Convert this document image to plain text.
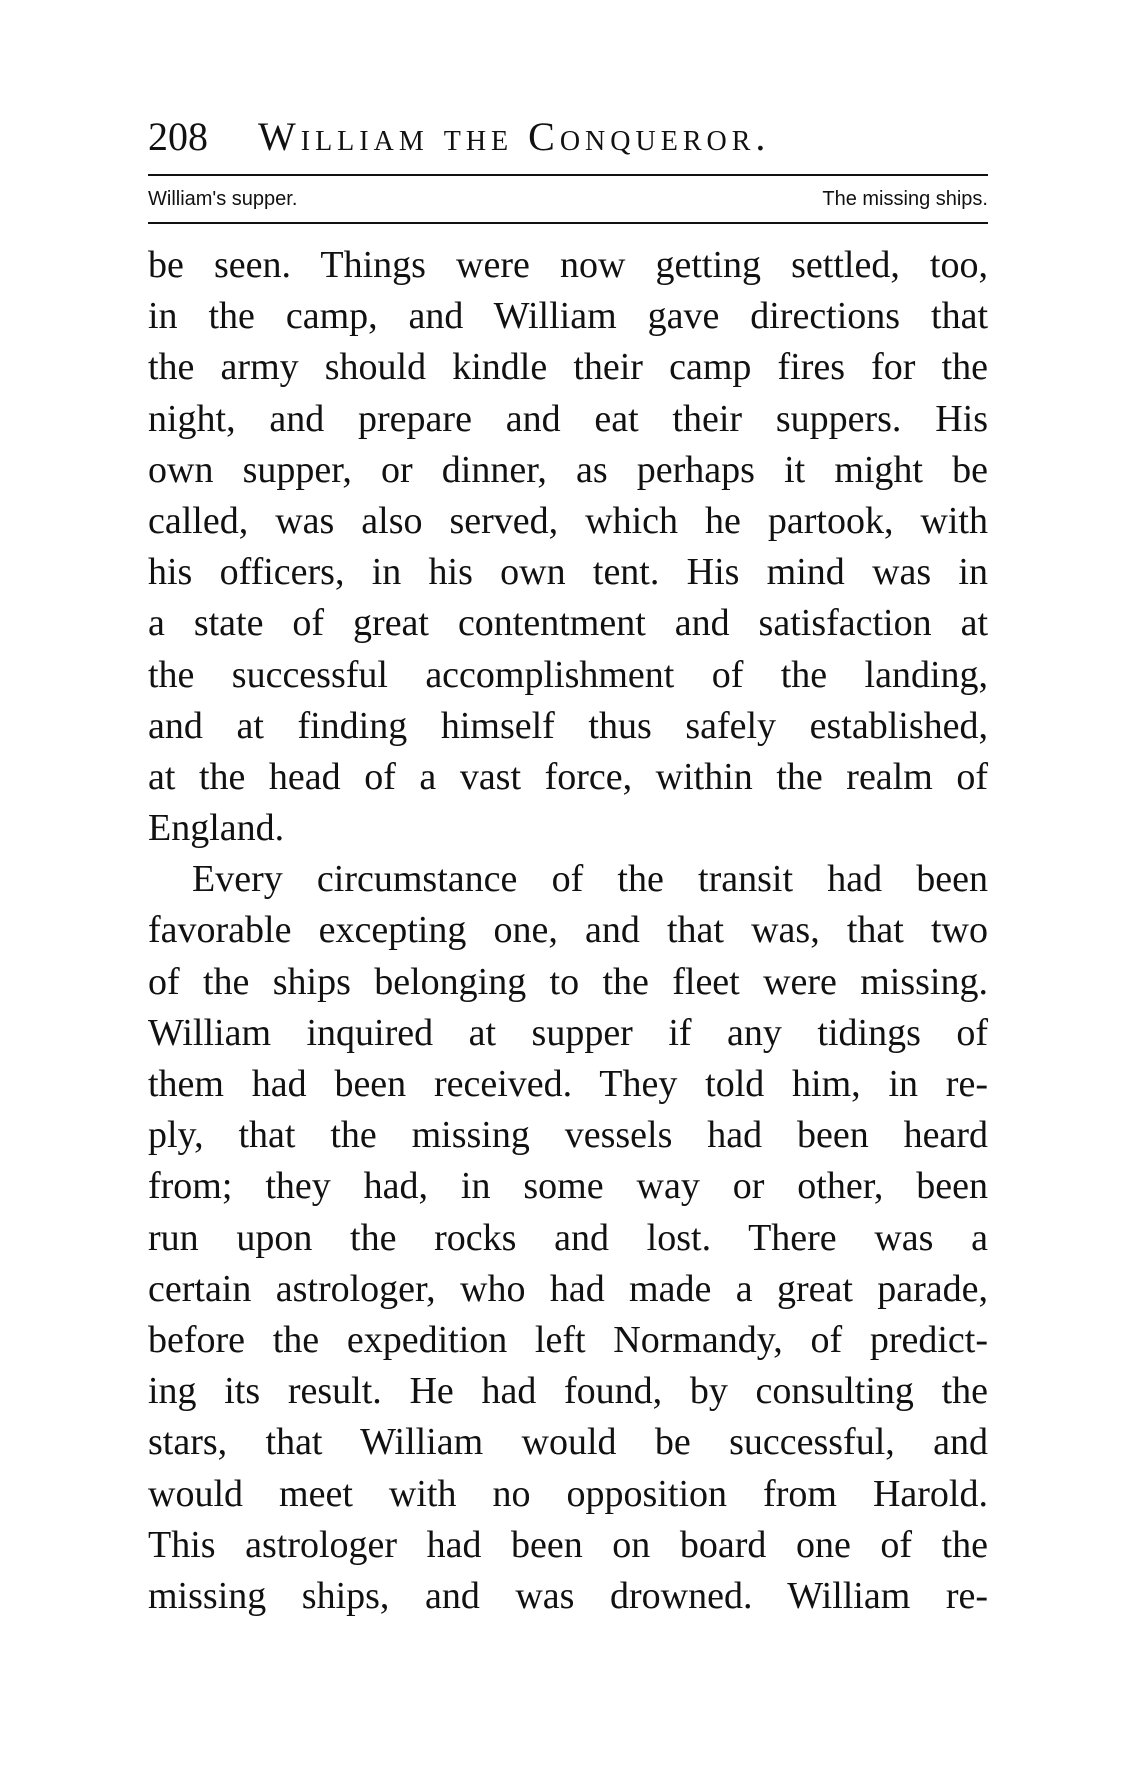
208 William the Conqueror.
William's supper.	The missing ships.

be seen. Things were now getting settled, too,
in the camp, and William gave directions that
the army should kindle their camp fires for the
night, and prepare and eat their suppers. His
own supper, or dinner, as perhaps it might be
called, was also served, which he partook, with
his officers, in his own tent. His mind was in
a state of great contentment and satisfaction at
the successful accomplishment of the landing,
and at finding himself thus safely established,
at the head of a vast force, within the realm of
England.

Every circumstance of the transit had been
favorable excepting one, and that was, that two
of the ships belonging to the fleet were missing.
William inquired at supper if any tidings of
them had been received. They told him, in re-
ply, that the missing vessels had been heard
from; they had, in some way or other, been
run upon the rocks and lost. There was a
certain astrologer, who had made a great parade,
before the expedition left Normandy, of predict-
ing its result. He had found, by consulting the
stars, that William would be successful, and
would meet with no opposition from Harold.
This astrologer had been on board one of the
missing ships, and was drowned. William re-
